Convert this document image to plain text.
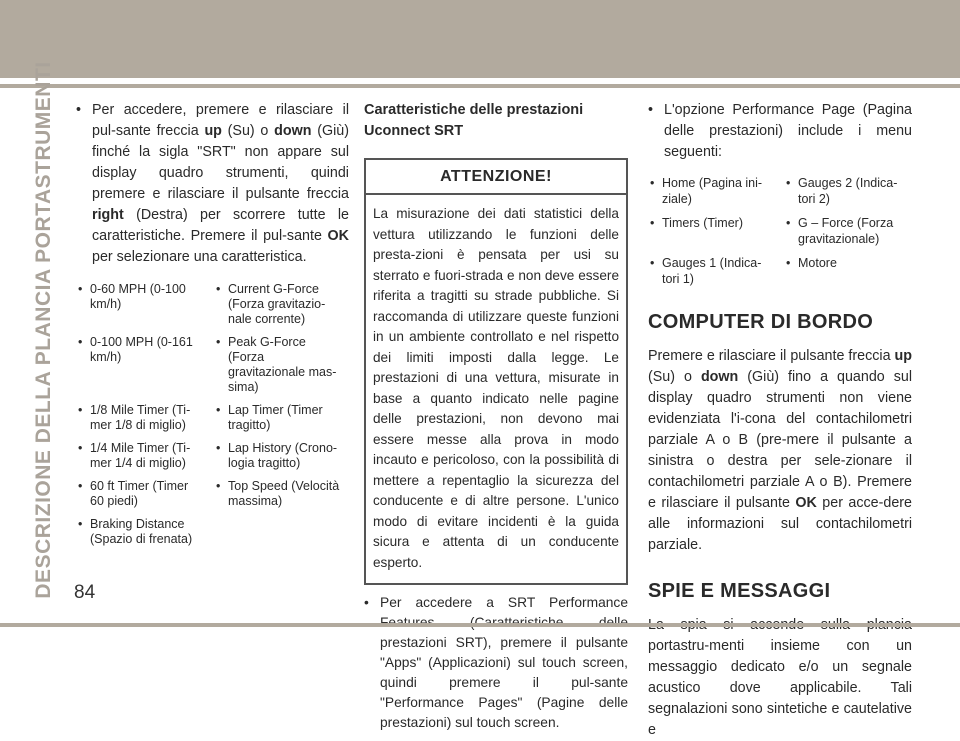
DESCRIZIONE DELLA PLANCIA PORTASTRUMENTI • Per accedere, premere e rilasciare il pul-sante freccia up (Su) o down (Giù) finché la sigla "SRT" non appare sul display quadro strumenti, quindi premere e rilasciare il pulsante freccia right (Destra) per scorrere tutte le caratteristiche. Premere il pul-sante OK per selezionare una caratteristica.
• 0-60 MPH (0-100 km/h)
• Current G-Force (Forza gravitazio-nale corrente)
• 0-100 MPH (0-161 km/h)
• Peak G-Force (Forza gravitazionale mas-sima)
• 1/8 Mile Timer (Ti-mer 1/8 di miglio)
• Lap Timer (Timer tragitto)
• 1/4 Mile Timer (Ti-mer 1/4 di miglio)
• Lap History (Crono-logia tragitto)
• 60 ft Timer (Timer 60 piedi)
• Top Speed (Velocità massima)
• Braking Distance (Spazio di frenata)
Caratteristiche delle prestazioni Uconnect SRT
ATTENZIONE!
La misurazione dei dati statistici della vettura utilizzando le funzioni delle presta-zioni è pensata per usi su sterrato e fuori-strada e non deve essere riferita a tragitti su strade pubbliche. Si raccomanda di utilizzare queste funzioni in un ambiente controllato e nel rispetto dei limiti imposti dalla legge. Le prestazioni di una vettura, misurate in base a quanto indicato nelle pagine delle prestazioni, non devono mai essere messe alla prova in modo incauto e pericoloso, con la possibilità di mettere a repentaglio la sicurezza del conducente e di altre persone. L'unico modo di evitare incidenti è la guida sicura e attenta di un conducente esperto.
• Per accedere a SRT Performance prestazioni SRT), premere il pulsante "Apps" (Applicazioni) sul touch screen, quindi premere il pul-sante "Performance Pages" (Pagine delle prestazioni) sul touch screen.
• L'opzione Performance Page (Pagina delle prestazioni) include i menu seguenti:
• Home (Pagina ini-ziale)
• Gauges 2 (Indica-tori 2)
• Timers (Timer)	• G – Force (Forza gravitazionale)
• Gauges 1 (Indica-tori 1)
• Motore
COMPUTER DI BORDO
Premere e rilasciare il pulsante freccia up (Su) o down (Giù) fino a quando sul display quadro strumenti non viene evidenziata l'i-cona del contachilometri parziale A o B (pre-mere il pulsante a sinistra o destra per sele-zionare il contachilometri parziale A o B). Premere e rilasciare il pulsante OK per acce-dere alle informazioni sul contachilometri parziale.
SPIE E MESSAGGI
portastru-menti insieme con un messaggio dedicato e/o un segnale acustico dove applicabile. Tali segnalazioni sono sintetiche e cautelative e
84
